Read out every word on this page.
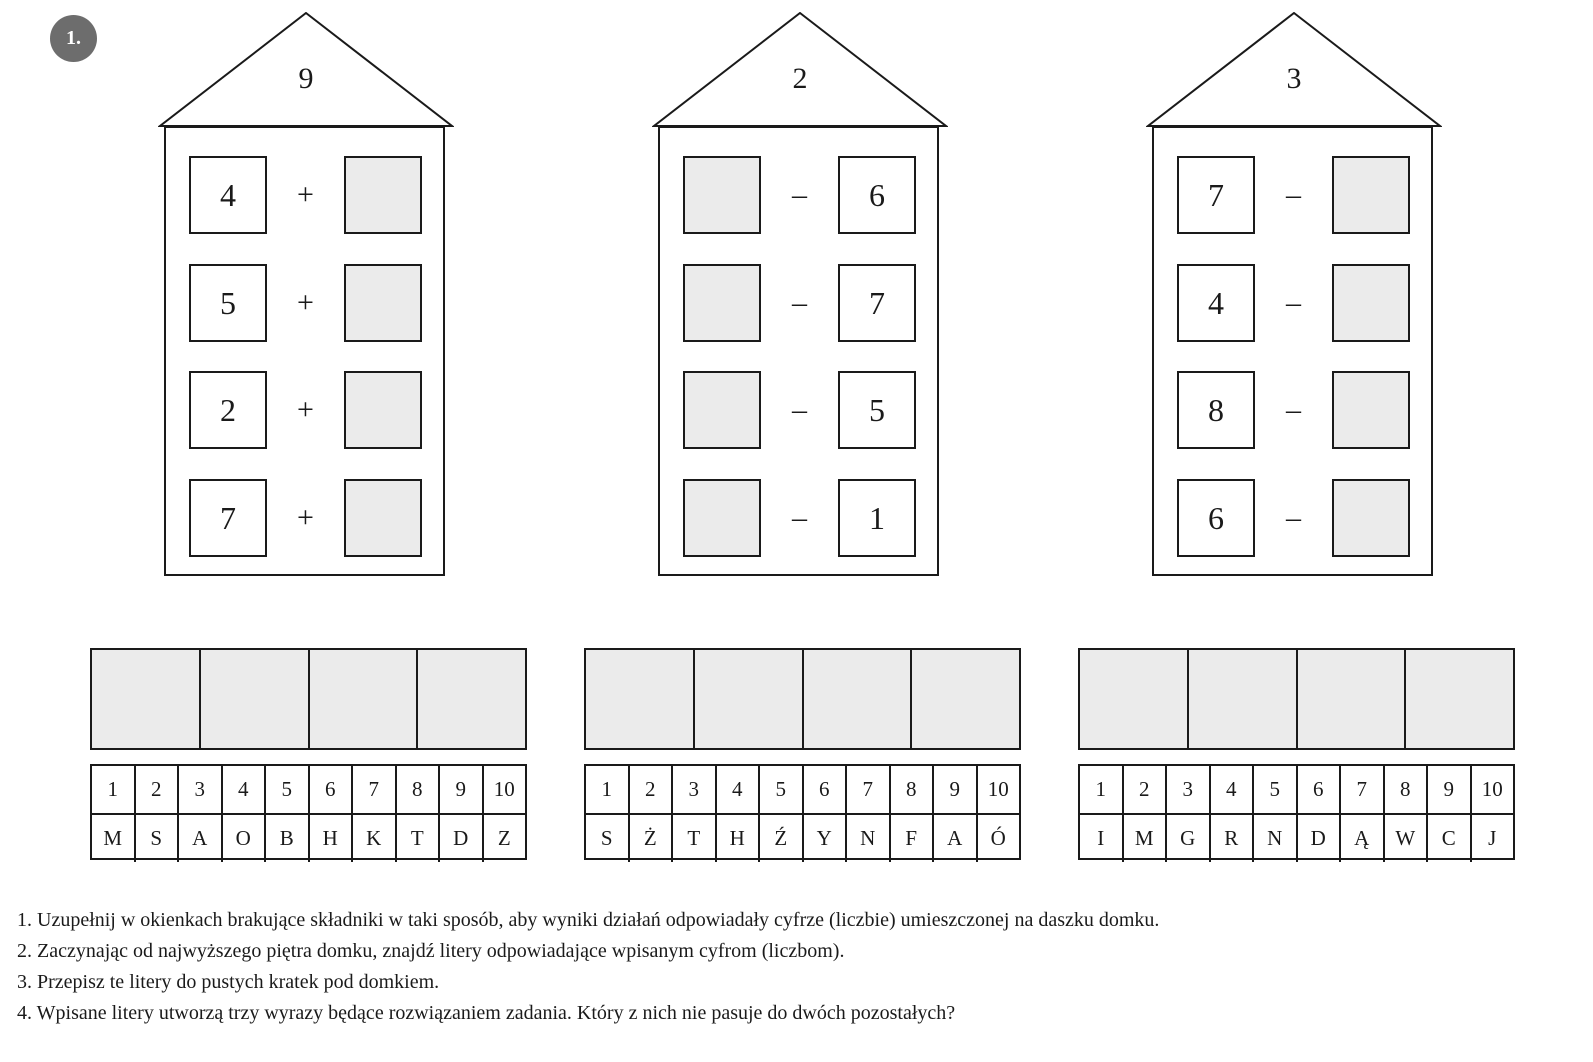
1.
9
4	+
5	+
2	+
7	+
1	2	3	4	5	6	7	8	9	10
M	S	A	O	B	H	K	T	D	Z
2
–	6
–	7
–	5
–	1
1	2	3	4	5	6	7	8	9	10
S	Ż	T	H	Ź	Y	N	F	A	Ó
3
7	–
4	–
8	–
6	–
1	2	3	4	5	6	7	8	9	10
I	M	G	R	N	D	Ą	W	C	J

1. Uzupełnij w okienkach brakujące składniki w taki sposób, aby wyniki działań odpowiadały cyfrze (liczbie) umieszczonej na daszku domku.

2. Zaczynając od najwyższego piętra domku, znajdź litery odpowiadające wpisanym cyfrom (liczbom).

3. Przepisz te litery do pustych kratek pod domkiem.

4. Wpisane litery utworzą trzy wyrazy będące rozwiązaniem zadania. Który z nich nie pasuje do dwóch pozostałych?
